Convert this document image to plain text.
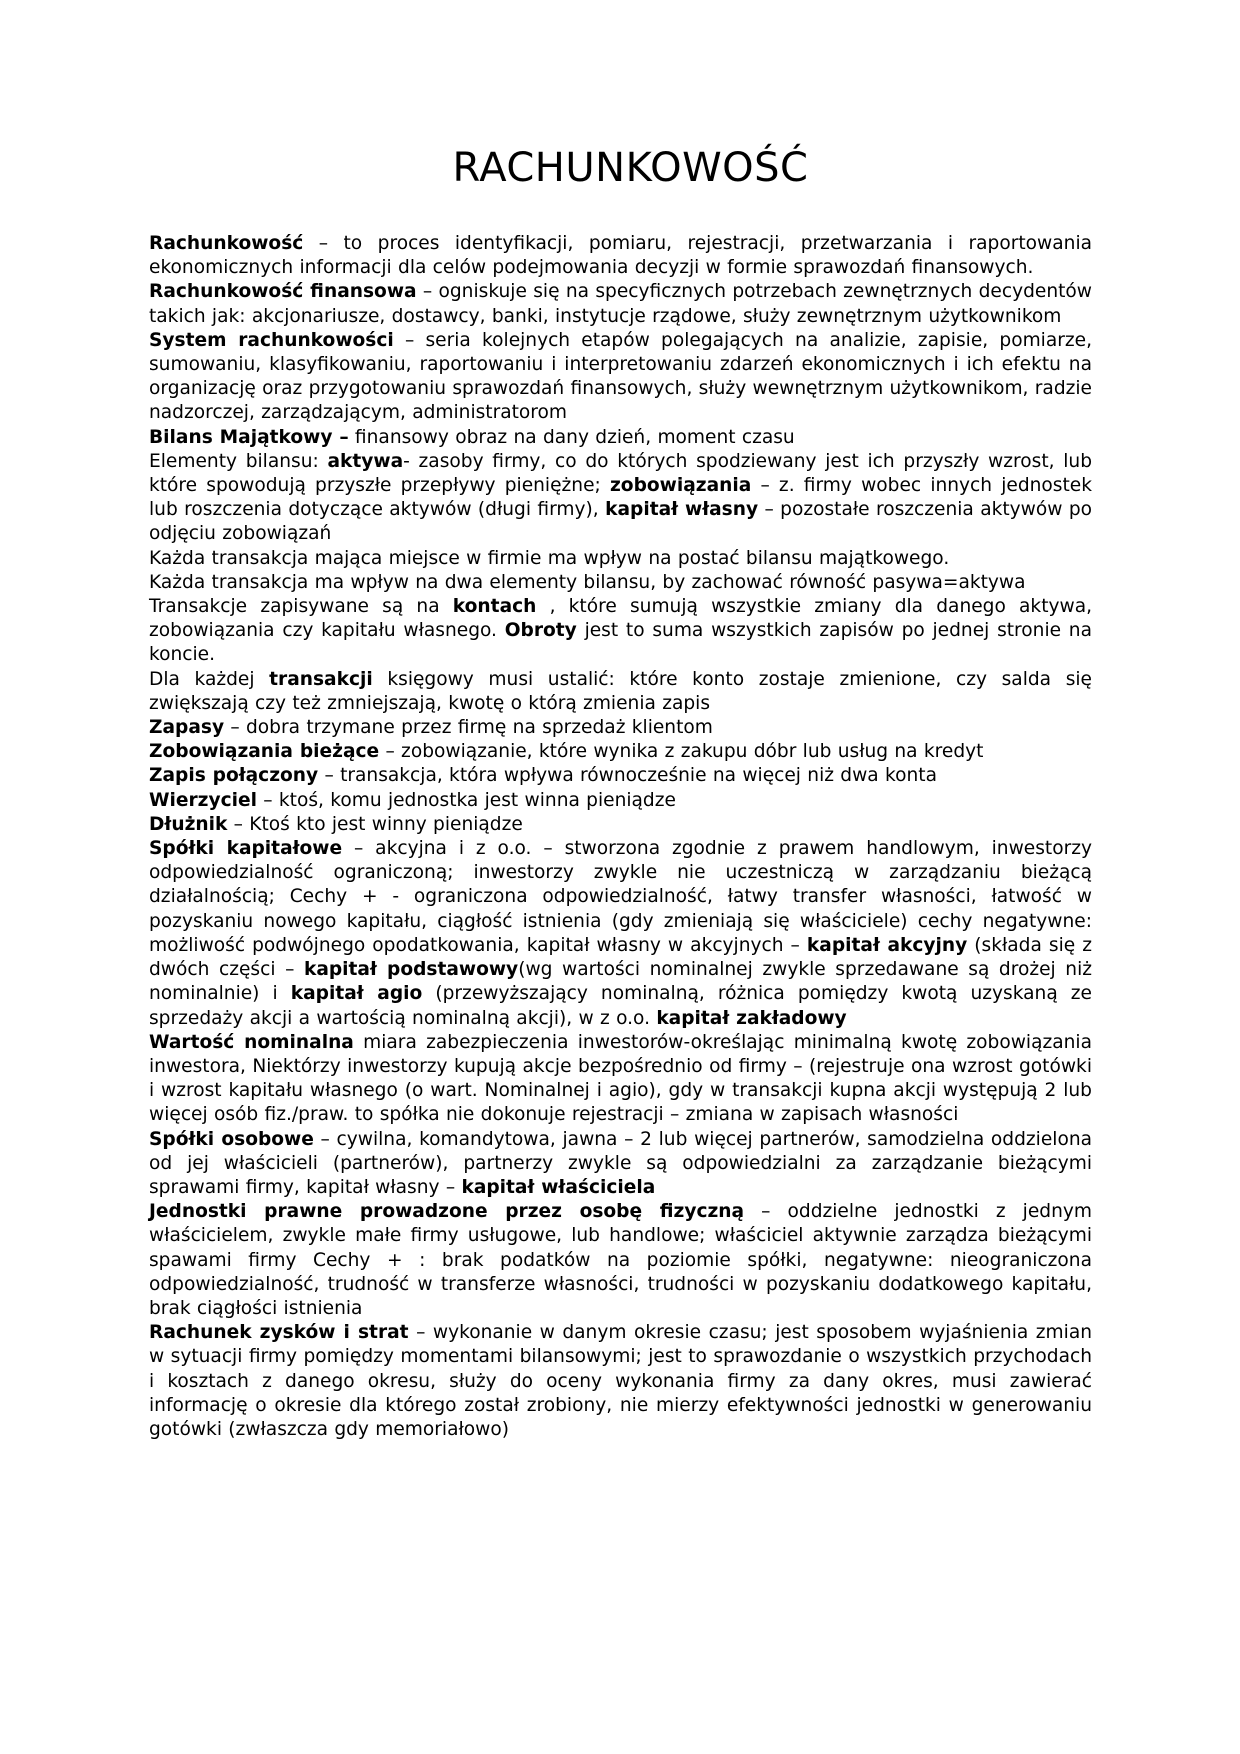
RACHUNKOWOŚĆ

Rachunkowość – to proces identyfikacji, pomiaru, rejestracji, przetwarzania i raportowania ekonomicznych informacji dla celów podejmowania decyzji w formie sprawozdań finansowych.

Rachunkowość finansowa – ogniskuje się na specyficznych potrzebach zewnętrznych decydentów takich jak: akcjonariusze, dostawcy, banki, instytucje rządowe, służy zewnętrznym użytkownikom

System rachunkowości – seria kolejnych etapów polegających na analizie, zapisie, pomiarze, sumowaniu, klasyfikowaniu, raportowaniu i interpretowaniu zdarzeń ekonomicznych i ich efektu na organizację oraz przygotowaniu sprawozdań finansowych, służy wewnętrznym użytkownikom, radzie nadzorczej, zarządzającym, administratorom

Bilans Majątkowy – finansowy obraz na dany dzień, moment czasu

Elementy bilansu: aktywa- zasoby firmy, co do których spodziewany jest ich przyszły wzrost, lub które spowodują przyszłe przepływy pieniężne; zobowiązania – z. firmy wobec innych jednostek lub roszczenia dotyczące aktywów (długi firmy), kapitał własny – pozostałe roszczenia aktywów po odjęciu zobowiązań

Każda transakcja mająca miejsce w firmie ma wpływ na postać bilansu majątkowego.

Każda transakcja ma wpływ na dwa elementy bilansu, by zachować równość pasywa=aktywa

Transakcje zapisywane są na kontach , które sumują wszystkie zmiany dla danego aktywa, zobowiązania czy kapitału własnego. Obroty jest to suma wszystkich zapisów po jednej stronie na koncie.

Dla każdej transakcji księgowy musi ustalić: które konto zostaje zmienione, czy salda się zwiększają czy też zmniejszają, kwotę o którą zmienia zapis

Zapasy – dobra trzymane przez firmę na sprzedaż klientom

Zobowiązania bieżące – zobowiązanie, które wynika z zakupu dóbr lub usług na kredyt

Zapis połączony – transakcja, która wpływa równocześnie na więcej niż dwa konta

Wierzyciel – ktoś, komu jednostka jest winna pieniądze

Dłużnik – Ktoś kto jest winny pieniądze

Spółki kapitałowe – akcyjna i z o.o. – stworzona zgodnie z prawem handlowym, inwestorzy odpowiedzialność ograniczoną; inwestorzy zwykle nie uczestniczą w zarządzaniu bieżącą działalnością; Cechy + - ograniczona odpowiedzialność, łatwy transfer własności, łatwość w pozyskaniu nowego kapitału, ciągłość istnienia (gdy zmieniają się właściciele) cechy negatywne: możliwość podwójnego opodatkowania, kapitał własny w akcyjnych – kapitał akcyjny (składa się z dwóch części – kapitał podstawowy(wg wartości nominalnej zwykle sprzedawane są drożej niż nominalnie) i kapitał agio (przewyższający nominalną, różnica pomiędzy kwotą uzyskaną ze sprzedaży akcji a wartością nominalną akcji), w z o.o. kapitał zakładowy

Wartość nominalna miara zabezpieczenia inwestorów-określając minimalną kwotę zobowiązania inwestora, Niektórzy inwestorzy kupują akcje bezpośrednio od firmy – (rejestruje ona wzrost gotówki i wzrost kapitału własnego (o wart. Nominalnej i agio), gdy w transakcji kupna akcji występują 2 lub więcej osób fiz./praw. to spółka nie dokonuje rejestracji – zmiana w zapisach własności

Spółki osobowe – cywilna, komandytowa, jawna – 2 lub więcej partnerów, samodzielna oddzielona od jej właścicieli (partnerów), partnerzy zwykle są odpowiedzialni za zarządzanie bieżącymi sprawami firmy, kapitał własny – kapitał właściciela

Jednostki prawne prowadzone przez osobę fizyczną – oddzielne jednostki z jednym właścicielem, zwykle małe firmy usługowe, lub handlowe; właściciel aktywnie zarządza bieżącymi spawami firmy Cechy + : brak podatków na poziomie spółki, negatywne: nieograniczona odpowiedzialność, trudność w transferze własności, trudności w pozyskaniu dodatkowego kapitału, brak ciągłości istnienia

Rachunek zysków i strat – wykonanie w danym okresie czasu; jest sposobem wyjaśnienia zmian w sytuacji firmy pomiędzy momentami bilansowymi; jest to sprawozdanie o wszystkich przychodach i kosztach z danego okresu, służy do oceny wykonania firmy za dany okres, musi zawierać informację o okresie dla którego został zrobiony, nie mierzy efektywności jednostki w generowaniu gotówki (zwłaszcza gdy memoriałowo)
